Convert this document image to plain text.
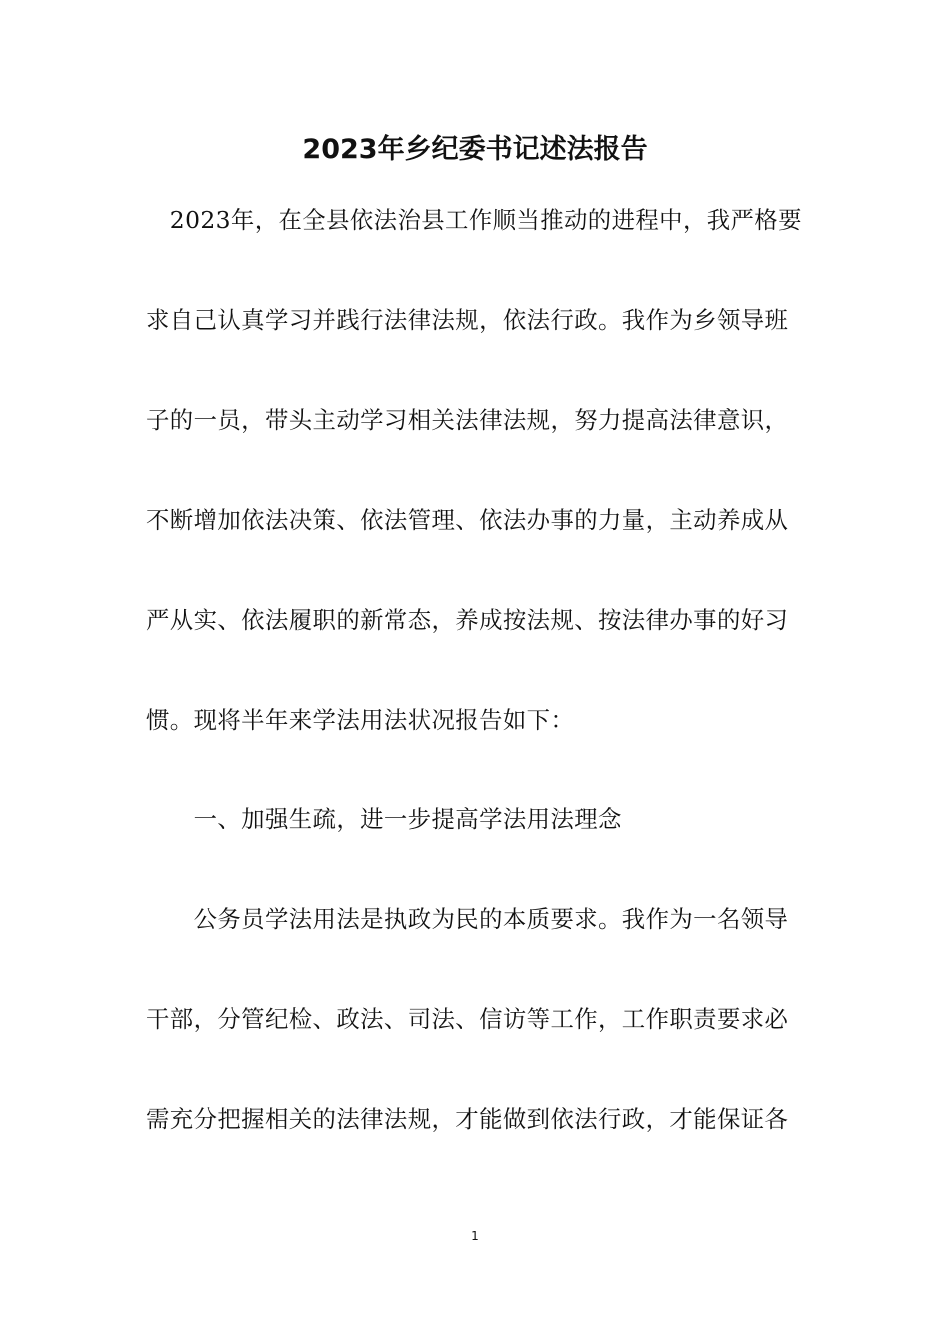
2023年乡纪委书记述法报告
　2023年，在全县依法治县工作顺当推动的进程中，我严格要
求自己认真学习并践行法律法规，依法行政。我作为乡领导班
子的一员，带头主动学习相关法律法规，努力提高法律意识，
不断增加依法决策、依法管理、依法办事的力量，主动养成从
严从实、依法履职的新常态，养成按法规、按法律办事的好习
惯。现将半年来学法用法状况报告如下：
　　一、加强生疏，进一步提高学法用法理念
　　公务员学法用法是执政为民的本质要求。我作为一名领导
干部，分管纪检、政法、司法、信访等工作，工作职责要求必
需充分把握相关的法律法规，才能做到依法行政，才能保证各
1
